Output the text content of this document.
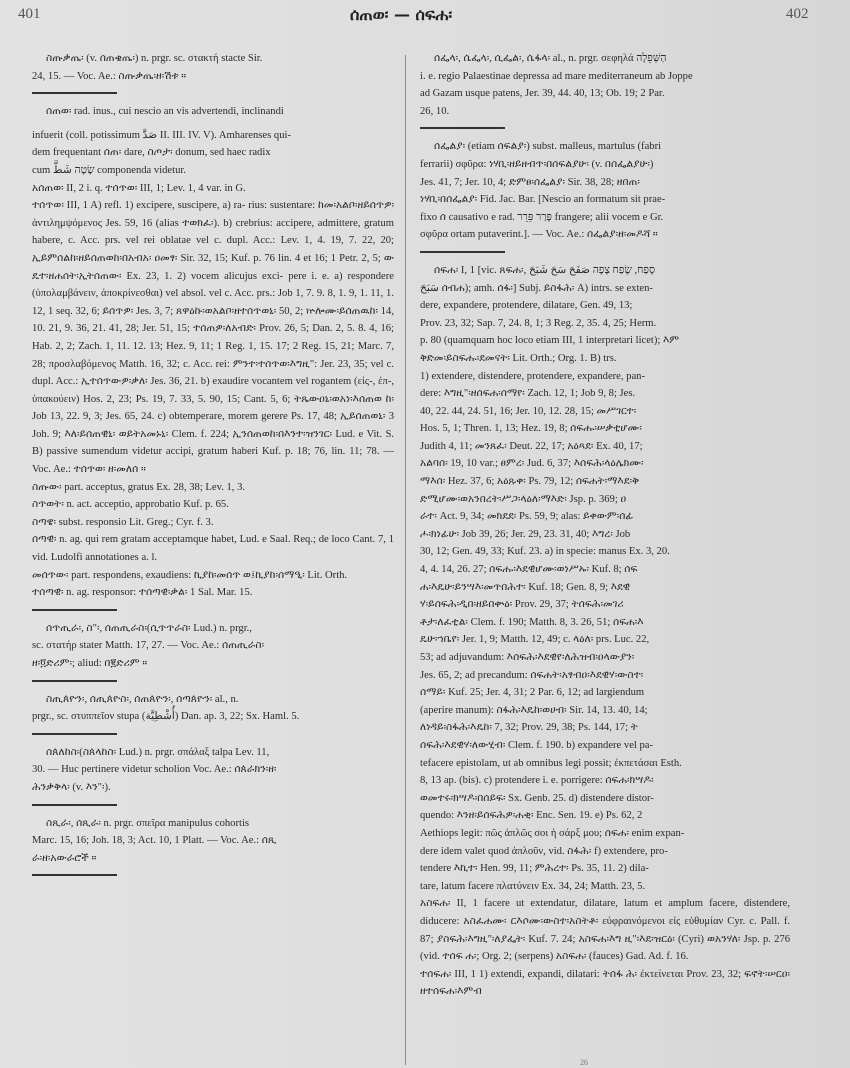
401	ሰጠወ፡ — ሰፍሐ፡	402

ስጡቃጤ፡ (v. ሰጠቄጤ፡) n. prgr. sc. στακτή stacte Sir.

24, 15. — Voc. Ae.: ስጡቃጤ፡ዘ፡ሽቱ ።

ሰጠወ፡ rad. inus., cui nescio an vis advertendi, inclinandi

infuerit (coll. potissimum صَدَّ II. III. IV. V). Amharenses qui-

dem frequentant ሰጠ፡ dare, ስጦታ፡ donum, sed haec radix

cum שָׂטָה شَطَّ componenda videtur.

አሰጠወ፡ II, 2 i. q. ተሰጥወ፡ III, 1; Lev. 1, 4 var. in G.

ተሰጥወ፡ III, 1 A) refl. 1) excipere, suscipere, a) ra- rius: sustentare: ከመ፡አልቦ፡ዘይሰጥዎ፡ ἀντιλημψόμενος Jes. 59, 16 (alias ተወክፈ፡). b) crebrius: accipere, admittere, gratum habere, c. Acc. prs. vel rei oblatae vel c. dupl. Acc.: Lev. 1, 4. 19, 7. 22, 20; ኢይምሰልከ፡ዘይሰጠወከ፡በአብአ፡ ዐመፃ፡ Sir. 32, 15; Kuf. p. 76 lin. 4 et 16; 1 Petr. 2, 5; ው ዴተ፡ዘሐሰት፡ኢትሰጠው፡ Ex. 23, 1. 2) vocem alicujus exci- pere i. e. a) respondere (ὑπολαμβάνειν, ἀποκρίνεσθαι) vel absol. vel c. Acc. prs.: Job 1, 7. 9. 8, 1. 9, 1. 11, 1. 12, 1 seq. 32, 6; ይሰጥዎ፡ Jes. 3, 7; ጸዋዕኩ፡ወአልቦ፡ዘተሰጥወኒ፡ 50, 2; ኵሎሙ፡ይሰጠዉከ፡ 14, 10. 21, 9. 36, 21. 41, 28; Jer. 51, 15; ተሰጠዎ፡ለአብድ፡ Prov. 26, 5; Dan. 2, 5. 8. 4, 16; Hab. 2, 2; Zach. 1, 11. 12. 13; Hez. 9, 11; 1 Reg. 1, 15. 17; 2 Reg. 15, 21; Marc. 7, 28; προσλαβόμενος Matth. 16, 32; c. Acc. rei: ምንተ፡ተሰጥወ፡እግዚ": Jer. 23, 35; vel c. dupl. Acc.: ኢተሰጥውዎ፡ቃለ፡ Jes. 36, 21. b) exaudire vocantem vel rogantem (εἰς-, ἐπ-, ὑπακούειν) Hos. 2, 23; Ps. 19, 7. 33, 5. 90, 15; Cant. 5, 6; ትጼውዐኒ፡ወአነ፡እሰጠወ ከ፡ Job 13, 22. 9, 3; Jes. 65, 24. c) obtemperare, morem gerere Ps. 17, 48; ኢይሰጠወኒ፡ 3 Joh. 9; እለ፡ይሰጠዊኒ፡ ወይትአመኑኒ፡ Clem. f. 224; ኢንሰጠወከ፡በእንተ፡ዝንገር፡ Lud. e Vit. S. B) passive sumendum videtur accipi, gratum haberi Kuf. p. 18; 76, lin. 11; 78. — Voc. Ae.: ተሰጥወ፡ ዘ፡መለሰ ።

ስጡው፡ part. acceptus, gratus Ex. 28, 38; Lev. 1, 3.

ስጥወት፡ n. act. acceptio, approbatio Kuf. p. 65.

ስጣዌ፡ subst. responsio Lit. Greg.; Cyr. f. 3.

ሰጣዊ፡ n. ag. qui rem gratam acceptamque habet, Lud. e Saal. Req.; de loco Cant. 7, 1 vid. Ludolfi annotationes a. l.

መሰጥው፡ part. respondens, exaudiens: ኪያከ፡መሰጥ ወ፤ኪያከ፡ሰማዒ፡ Lit. Orth.

ተሰጣዊ፡ n. ag. responsor: ተሰጣዊ፡ቃል፡ 1 Sal. Mar. 15.

ሰጥጢራ፡, ስ"፡, ሰጠጢራስ፡(ሲጥጥራስ፡ Lud.) n. prgr.,

sc. στατήρ stater Matth. 17, 27. — Voc. Ae.: ሰጠጢራስ፡

ዘ፡፬ድሪም፡; aliud: በ፪ድሪም ።

ስጢጰዮን፡, ሰጢጰዮስ፡, ሰጠጰዮን፡, ሰጣጰዮን፡ al., n.

prgr., sc. στυππεῖον stupa (أُشْطِيَّة) Dan. ap. 3, 22; Sx. Haml. 5.

ሰጰለከስ፡(ስጰላከስ፡ Lud.) n. prgr. σπάλαξ talpa Lev. 11,

30. — Huc pertinere videtur scholion Voc. Ae.: ሰጰራክን፡ዘ፡

ሕንቃቅላ፡ (v. እን"፡).

ስጺራ፡, ሰጺራ፡ n. prgr. σπεῖρα manipulus cohortis

Marc. 15, 16; Joh. 18, 3; Act. 10, 1 Platt. — Voc. Ae.: ሰጺ

ራ፡ዘ፡አውራሮች ።

ሰፌላ፡, ሴፌላ፡, ሲፌል፡, ሴፋላ፡ al., n. prgr. σεφηλά הַשְּׁפֵלָה

i. e. regio Palaestinae depressa ad mare mediterraneum ab Joppe

ad Gazam usque patens, Jer. 39, 44. 40, 13; Ob. 19; 2 Par.

26, 10.

ሰፌልያ፡ (etiam ሰፍልያ፡) subst. malleus, martulus (fabri

ferrarii) σφῦρα: ነሃቢ፡ዘይዘብጥ፡በሰፍልያሁ፡ (v. በሰፌልያሁ፡)

Jes. 41, 7; Jer. 10, 4; ድምፀ፡ሰፌልያ፡ Sir. 38, 28; ዘበጠ፡

ነሃቢ፡በሰፌልያ፡ Fid. Jac. Bar. [Nescio an formatum sit prae-

fixo ሰ causativo e rad. פָּרַר פֵּרֵר frangere; alii vocem e Gr.

σφῦρα ortam putaverint.]. — Voc. Ae.: ሰፌልያ፡ዘ፡መዶሻ ።

ሰፍሐ፡ I, 1 [vic. ጸፍሐ፡, סָפַח, שָׂפַח צָפָה صَفَحَ سَحَ شَبَحَ

سَبَحَ ሰብሐ); amh. ሰፋ፡] Subj. ይስፋሕ፡ A) intrs. se exten-

dere, expandere, protendere, dilatare, Gen. 49, 13;

Prov. 23, 32; Sap. 7, 24. 8, 1; 3 Reg. 2, 35. 4, 25; Herm.

p. 80 (quamquam hoc loco etiam III, 1 interpretari licet); እም

ቅድመ፡ይስፍሑ፡ደመናት፡ Lit. Orth.; Org. 1. B) trs.

1) extendere, distendere, protendere, expandere, pan-

dere: እግዚ"፡ዘሰፍሐ፡ሰማየ፡ Zach. 12, 1; Job 9, 8; Jes.

40, 22. 44, 24. 51, 16; Jer. 10, 12. 28, 15; መሥገርተ፡

Hos. 5, 1; Thren. 1, 13; Hez. 19, 8; ሰፍሑ፡ሠቃቲሆሙ፡

Judith 4, 11; መንጸፈ፡ Deut. 22, 17; አዕጻደ፡ Ex. 40, 17;

አልባሰ፡ 19, 10 var.; ፀምረ፡ Jud. 6, 37; እሰፍሕ፡ላዕሌክሙ፡

ማእሰ፡ Hez. 37, 6; አዕጹቀ፡ Ps. 79, 12; ሰፍሐት፡ማእደ፡ቅ

ድሚሆሙ፡ወአንበረት፡ሥጋ፡ላዕለ፡ማእድ፡ Jsp. p. 369; ዐ

ራተ፡ Act. 9, 34; መክደደ፡ Ps. 59, 9; alas: ይቀውም፡ሰፊ

ሖ፡ክነፊሁ፡ Job 39, 26; Jer. 29, 23. 31, 40; እግረ፡ Job

30, 12; Gen. 49, 33; Kuf. 23. a) in specie: manus Ex. 3, 20.

4, 4. 14, 26. 27; ሰፍሑ፡እደዊሆሙ፡ወነሥኡ፡ Kuf. 8; ሰፍ

ሐ፡እዴሁ፡ይንሣእ፡መጥበሕተ፡ Kuf. 18; Gen. 8, 9; እደዊ

ሃ፡ይሰፍሕ፡ዲበ፡ዘይበቍዕ፡ Prov. 29, 37; ትሰፍሕ፡መገሪ

ቶታ፡ለፈቲል፡ Clem. f. 190; Matth. 8, 3. 26, 51; ሰፍሐ፡እ

ዴሁ፡ኀቤየ፡ Jer. 1, 9; Matth. 12, 49; c. ላዕለ፡ prs. Luc. 22,

53; ad adjuvandum: እሰፍሕ፡እደዊየ፡ለሕዝብ፡ዐላውያን፡

Jes. 65, 2; ad precandum: ሰፍሐት፡አፃብዐ፡እደዊሃ፡ውስተ፡

ሰማይ፡ Kuf. 25; Jer. 4, 31; 2 Par. 6, 12; ad largiendum

(aperire manum): ስፋሕ፡እዴከ፡ወሀብ፡ Sir. 14, 13. 40, 14;

ለነዳይ፡ስፋሕ፡እዴከ፡ 7, 32; Prov. 29, 38; Ps. 144, 17; ት

ሰፍሕ፡እደዊሃ፡ለውሂብ፡ Clem. f. 190. b) expandere vel pa-

tefacere epistolam, ut ab omnibus legi possit; ἐκπετάσαι Esth.

8, 13 ap. (bis). c) protendere i. e. porrigere: ሰፍሐ፡ክሣዶ፡

ወመተሩ፡ክሣዶ፡በሰይፍ፡ Sx. Genb. 25. d) distendere distor-

quendo: እንዘ፡ይሰፍሕዎ፡ሐቂ፡ Enc. Sen. 19. e) Ps. 62, 2

Aethiops legit: πῶς ἁπλῶς σοι ἡ σάρξ μου; ሰፍሐ፡ enim expan-

dere idem valet quod ἁπλοῦν, vid. ስፋሕ፡ f) extendere, pro-

tendere እኪተ፡ Hen. 99, 11; ምሕረተ፡ Ps. 35, 11. 2) dila-

tare, latum facere πλατύνειν Ex. 34, 24; Matth. 23, 5.

አስፍሐ፡ II, 1 facere ut extendatur, dilatare, latum et amplum facere, distendere, diducere: አስፈሐሙ፡ ርእሶሙ፡ውስተ፡አስትቶ፡ εὐφραινόμενοι εἰς εὐθυμίαν Cyr. c. Pall. f. 87; ያስፍሕ፡እግዚ"፡ለያፌት፡ Kuf. 7. 24; አስፍሐ፡እግ ዚ"፡እደ፡ዝርዕ፡ (Cyri) ወአንሃለ፡ Jsp. p. 276 (vid. ተሰፍ ሐ፡; Org. 2; (serpens) አስፍሐ፡ (fauces) Gad. Ad. f. 16.

ተሰፍሐ፡ III, 1 1) extendi, expandi, dilatari: ትሰፋ ሕ፡ ἐκτείνεται Prov. 23, 32; ፍኖት፡ሠርዐ፡ዘተሰፍሐ፡እምብ

26
